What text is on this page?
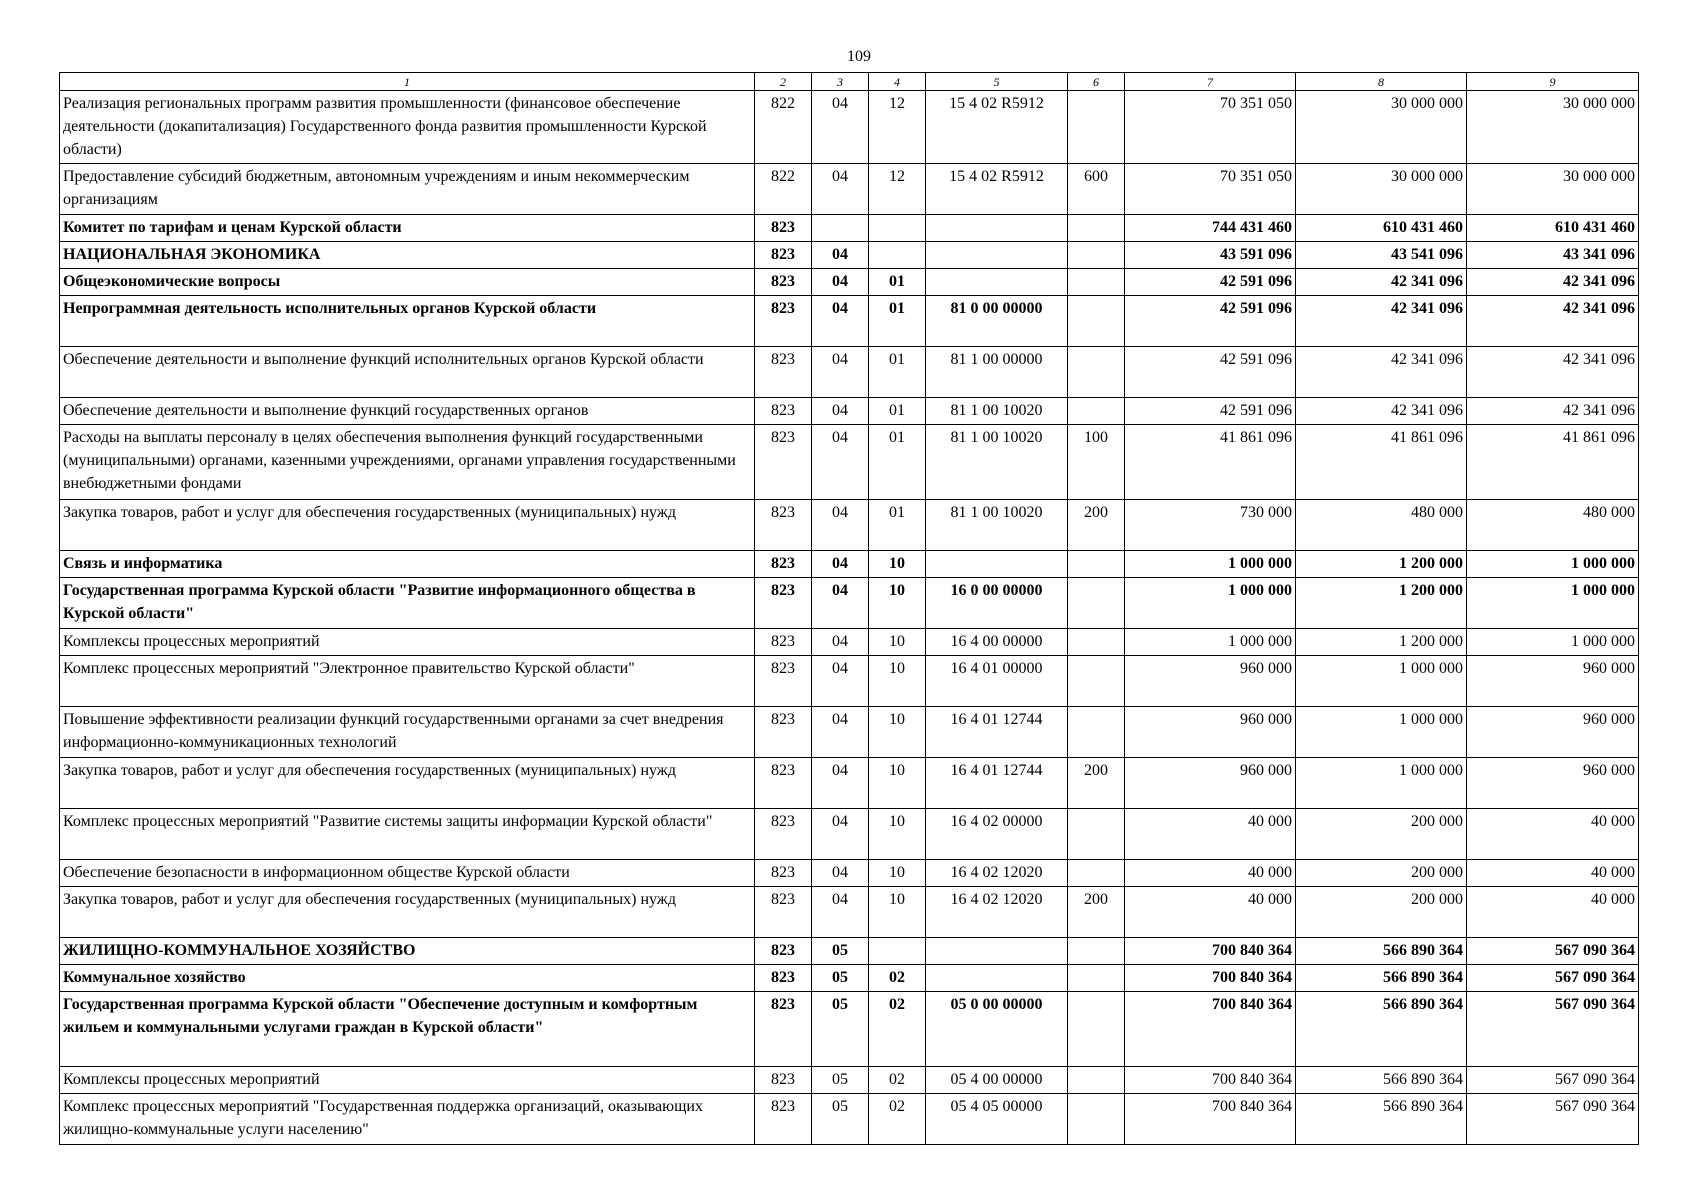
109
1	2	3	4	5	6	7	8	9
Реализация региональных программ развития промышленности (финансовое обеспечение деятельности (докапитализация) Государственного фонда развития промышленности Курской области)	822	04	12	15 4 02 R5912		70 351 050	30 000 000	30 000 000
Предоставление субсидий бюджетным, автономным учреждениям и иным некоммерческим организациям	822	04	12	15 4 02 R5912	600	70 351 050	30 000 000	30 000 000
Комитет по тарифам и ценам Курской области	823					744 431 460	610 431 460	610 431 460
НАЦИОНАЛЬНАЯ ЭКОНОМИКА	823	04				43 591 096	43 541 096	43 341 096
Общеэкономические вопросы	823	04	01			42 591 096	42 341 096	42 341 096
Непрограммная деятельность исполнительных органов Курской области	823	04	01	81 0 00 00000		42 591 096	42 341 096	42 341 096
Обеспечение деятельности и выполнение функций исполнительных органов Курской области	823	04	01	81 1 00 00000		42 591 096	42 341 096	42 341 096
Обеспечение деятельности и выполнение функций государственных органов	823	04	01	81 1 00 10020		42 591 096	42 341 096	42 341 096
Расходы на выплаты персоналу в целях обеспечения выполнения функций государственными (муниципальными) органами, казенными учреждениями, органами управления государственными внебюджетными фондами	823	04	01	81 1 00 10020	100	41 861 096	41 861 096	41 861 096
Закупка товаров, работ и услуг для обеспечения государственных (муниципальных) нужд	823	04	01	81 1 00 10020	200	730 000	480 000	480 000
Связь и информатика	823	04	10			1 000 000	1 200 000	1 000 000
Государственная программа Курской области "Развитие информационного общества в Курской области"	823	04	10	16 0 00 00000		1 000 000	1 200 000	1 000 000
Комплексы процессных мероприятий	823	04	10	16 4 00 00000		1 000 000	1 200 000	1 000 000
Комплекс процессных мероприятий "Электронное правительство Курской области"	823	04	10	16 4 01 00000		960 000	1 000 000	960 000
Повышение эффективности реализации функций государственными органами за счет внедрения информационно-коммуникационных технологий	823	04	10	16 4 01 12744		960 000	1 000 000	960 000
Закупка товаров, работ и услуг для обеспечения государственных (муниципальных) нужд	823	04	10	16 4 01 12744	200	960 000	1 000 000	960 000
Комплекс процессных мероприятий "Развитие системы защиты информации Курской области"	823	04	10	16 4 02 00000		40 000	200 000	40 000
Обеспечение безопасности в информационном обществе Курской области	823	04	10	16 4 02 12020		40 000	200 000	40 000
Закупка товаров, работ и услуг для обеспечения государственных (муниципальных) нужд	823	04	10	16 4 02 12020	200	40 000	200 000	40 000
ЖИЛИЩНО-КОММУНАЛЬНОЕ ХОЗЯЙСТВО	823	05				700 840 364	566 890 364	567 090 364
Коммунальное хозяйство	823	05	02			700 840 364	566 890 364	567 090 364
Государственная программа Курской области "Обеспечение доступным и комфортным жильем и коммунальными услугами граждан в Курской области"	823	05	02	05 0 00 00000		700 840 364	566 890 364	567 090 364
Комплексы процессных мероприятий	823	05	02	05 4 00 00000		700 840 364	566 890 364	567 090 364
Комплекс процессных мероприятий "Государственная поддержка организаций, оказывающих жилищно-коммунальные услуги населению"	823	05	02	05 4 05 00000		700 840 364	566 890 364	567 090 364
